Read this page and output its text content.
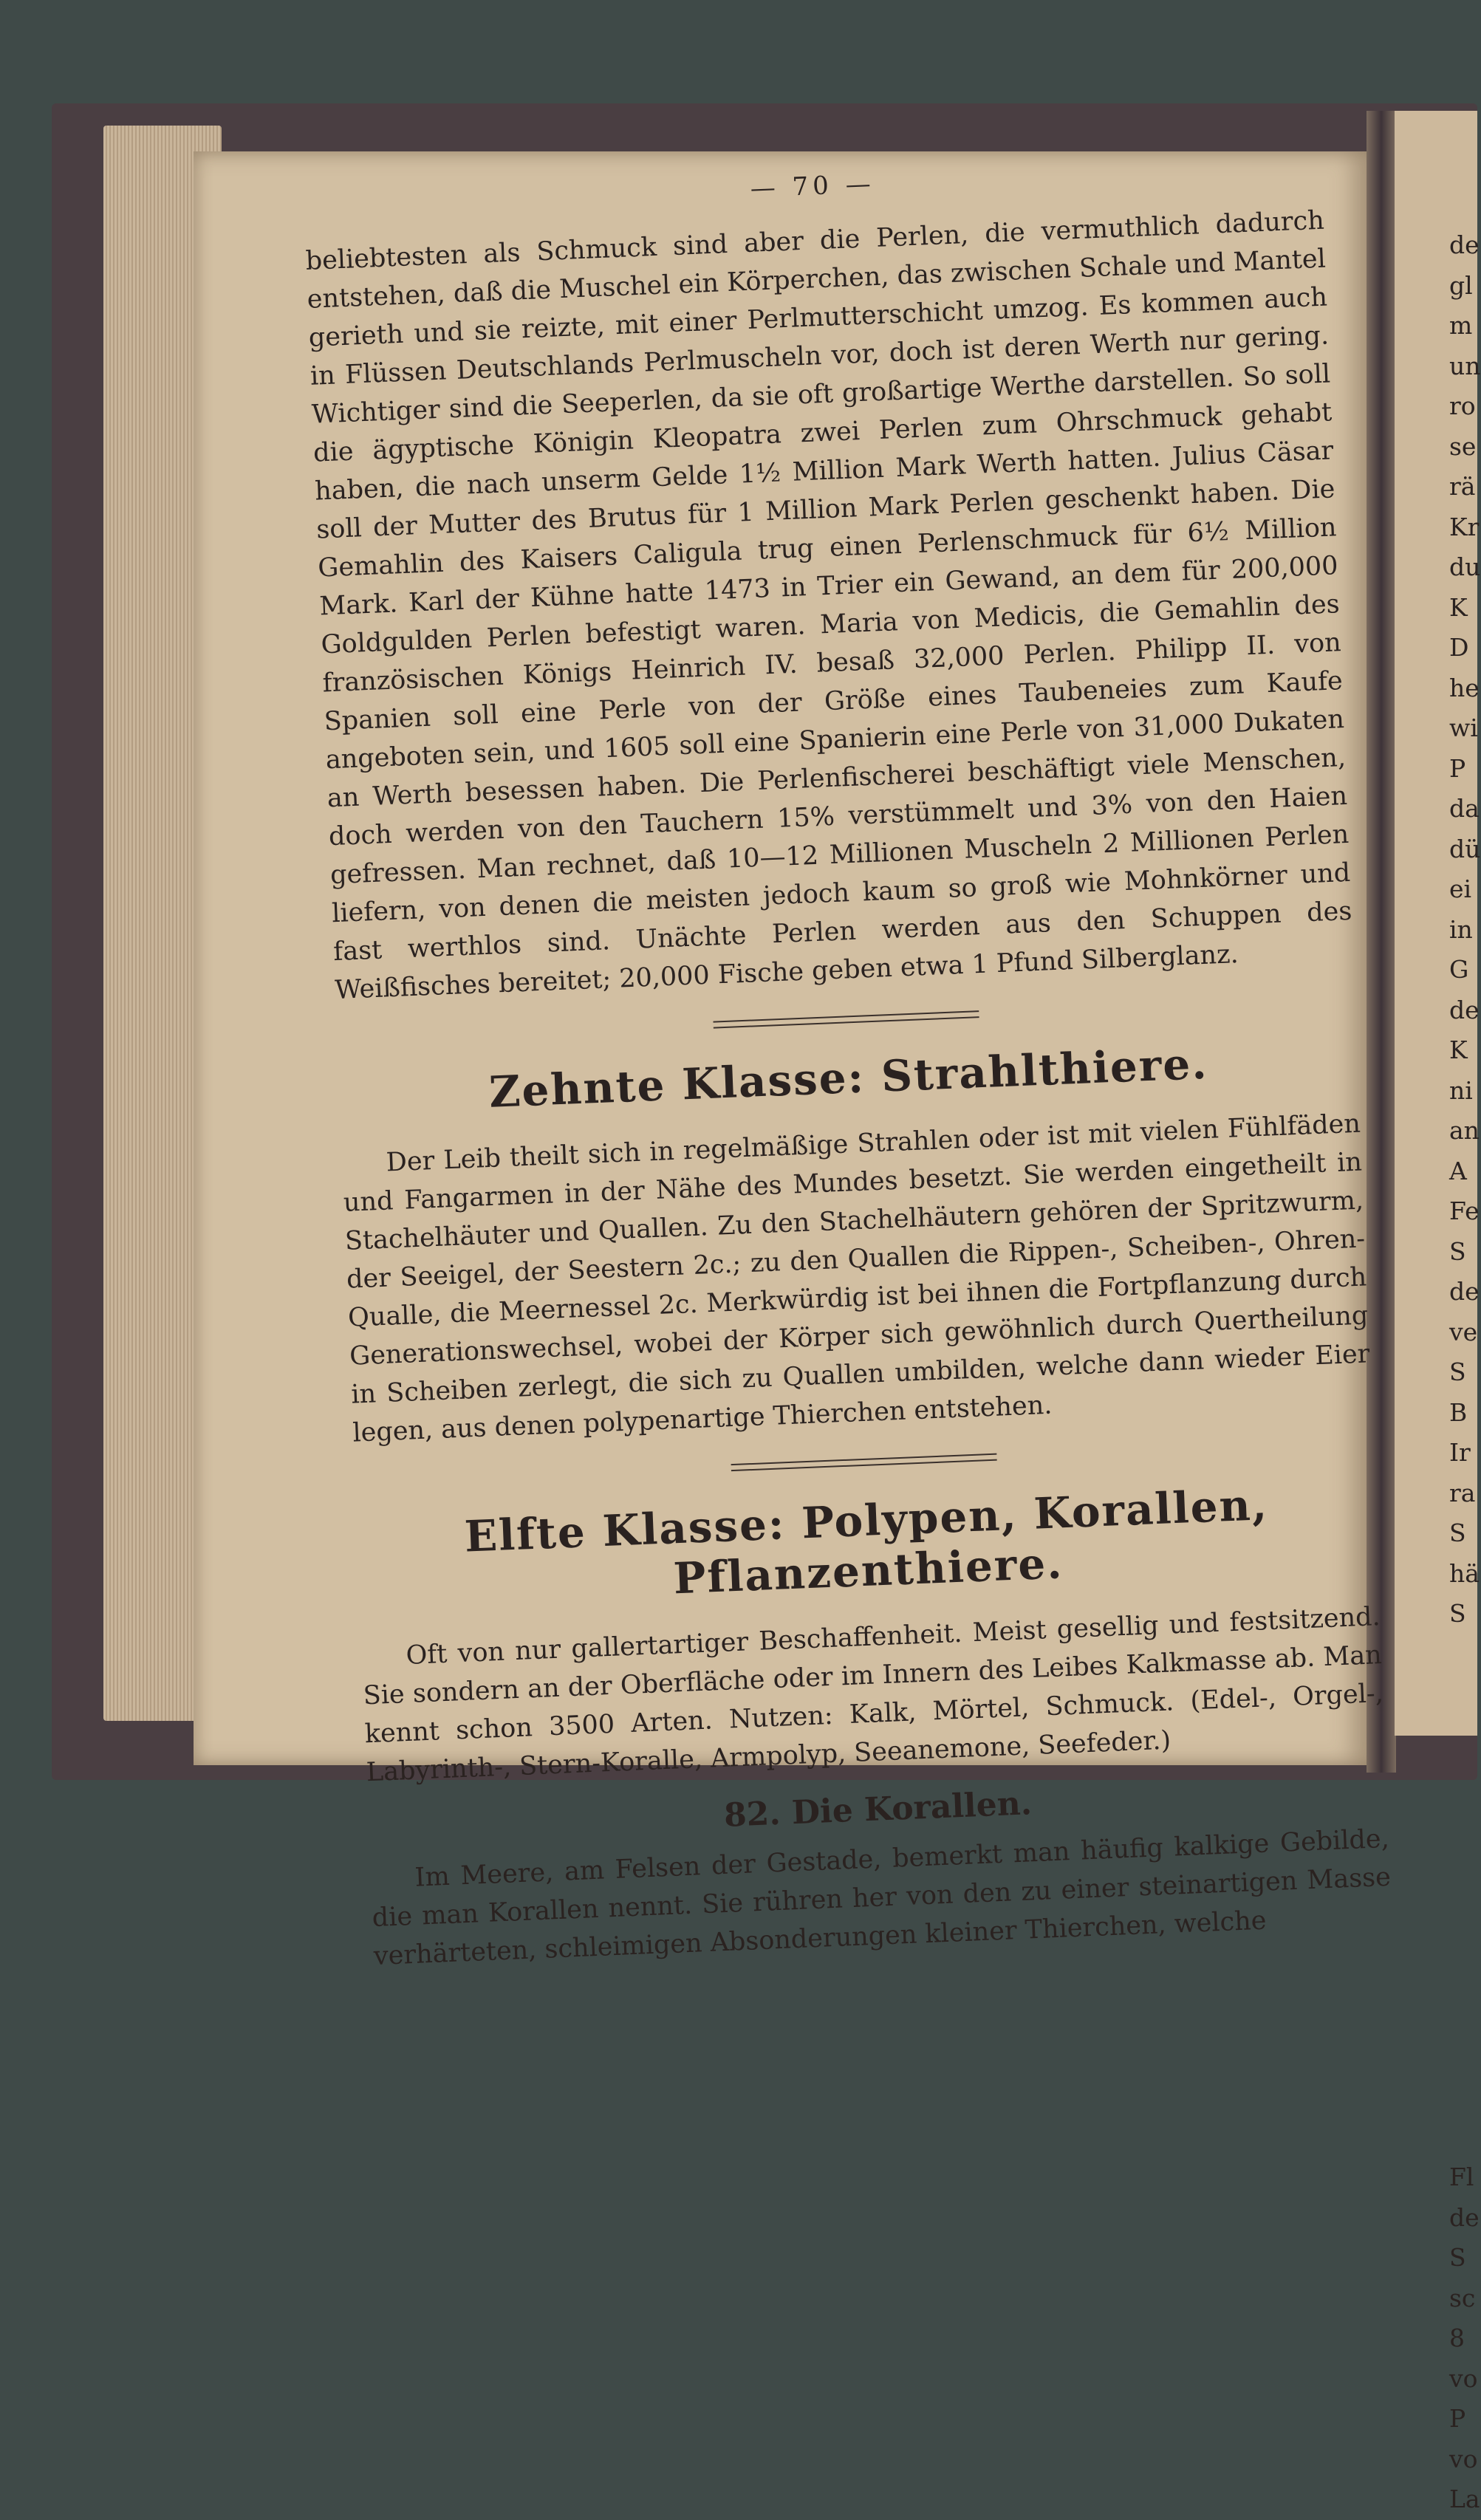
— 70 —

beliebtesten als Schmuck sind aber die Perlen, die vermuthlich dadurch entstehen, daß die Muschel ein Körperchen, das zwischen Schale und Mantel gerieth und sie reizte, mit einer Perlmutterschicht umzog. Es kommen auch in Flüssen Deutschlands Perlmuscheln vor, doch ist deren Werth nur gering. Wichtiger sind die Seeperlen, da sie oft großartige Werthe darstellen. So soll die ägyptische Königin Kleopatra zwei Perlen zum Ohrschmuck gehabt haben, die nach unserm Gelde 1½ Million Mark Werth hatten. Julius Cäsar soll der Mutter des Brutus für 1 Million Mark Perlen geschenkt haben. Die Gemahlin des Kaisers Caligula trug einen Perlenschmuck für 6½ Million Mark. Karl der Kühne hatte 1473 in Trier ein Gewand, an dem für 200,000 Goldgulden Perlen befestigt waren. Maria von Medicis, die Gemahlin des französischen Königs Heinrich IV. besaß 32,000 Perlen. Philipp II. von Spanien soll eine Perle von der Größe eines Taubeneies zum Kaufe angeboten sein, und 1605 soll eine Spanierin eine Perle von 31,000 Dukaten an Werth besessen haben. Die Perlenfischerei beschäftigt viele Menschen, doch werden von den Tauchern 15% verstümmelt und 3% von den Haien gefressen. Man rechnet, daß 10—12 Millionen Muscheln 2 Millionen Perlen liefern, von denen die meisten jedoch kaum so groß wie Mohnkörner und fast werthlos sind. Unächte Perlen werden aus den Schuppen des Weißfisches bereitet; 20,000 Fische geben etwa 1 Pfund Silberglanz.

Zehnte Klasse: Strahlthiere.

Der Leib theilt sich in regelmäßige Strahlen oder ist mit vielen Fühlfäden und Fangarmen in der Nähe des Mundes besetzt. Sie werden eingetheilt in Stachelhäuter und Quallen. Zu den Stachelhäutern gehören der Spritzwurm, der Seeigel, der Seestern 2c.; zu den Quallen die Rippen-, Scheiben-, Ohren-Qualle, die Meernessel 2c. Merkwürdig ist bei ihnen die Fortpflanzung durch Generationswechsel, wobei der Körper sich gewöhnlich durch Quertheilung in Scheiben zerlegt, die sich zu Quallen umbilden, welche dann wieder Eier legen, aus denen polypenartige Thierchen entstehen.

Elfte Klasse: Polypen, Korallen, Pflanzenthiere.

Oft von nur gallertartiger Beschaffenheit. Meist gesellig und festsitzend. Sie sondern an der Oberfläche oder im Innern des Leibes Kalkmasse ab. Man kennt schon 3500 Arten. Nutzen: Kalk, Mörtel, Schmuck. (Edel-, Orgel-, Labyrinth-, Stern-Koralle, Armpolyp, Seeanemone, Seefeder.)

82. Die Korallen.

Im Meere, am Felsen der Gestade, bemerkt man häufig kalkige Gebilde, die man Korallen nennt. Sie rühren her von den zu einer steinartigen Masse verhärteten, schleimigen Absonderungen kleiner Thierchen, welche

de
gl
m
un
ro
se
rä
Kr
du
K
D
he
wi
P
da
dü
ei
in
G
de
K
ni
an
A
Fe
S
de
ve
S
B
Ir
ra
S
hä
S
Fl
de
S
sc
8
vo
P
vo
La
